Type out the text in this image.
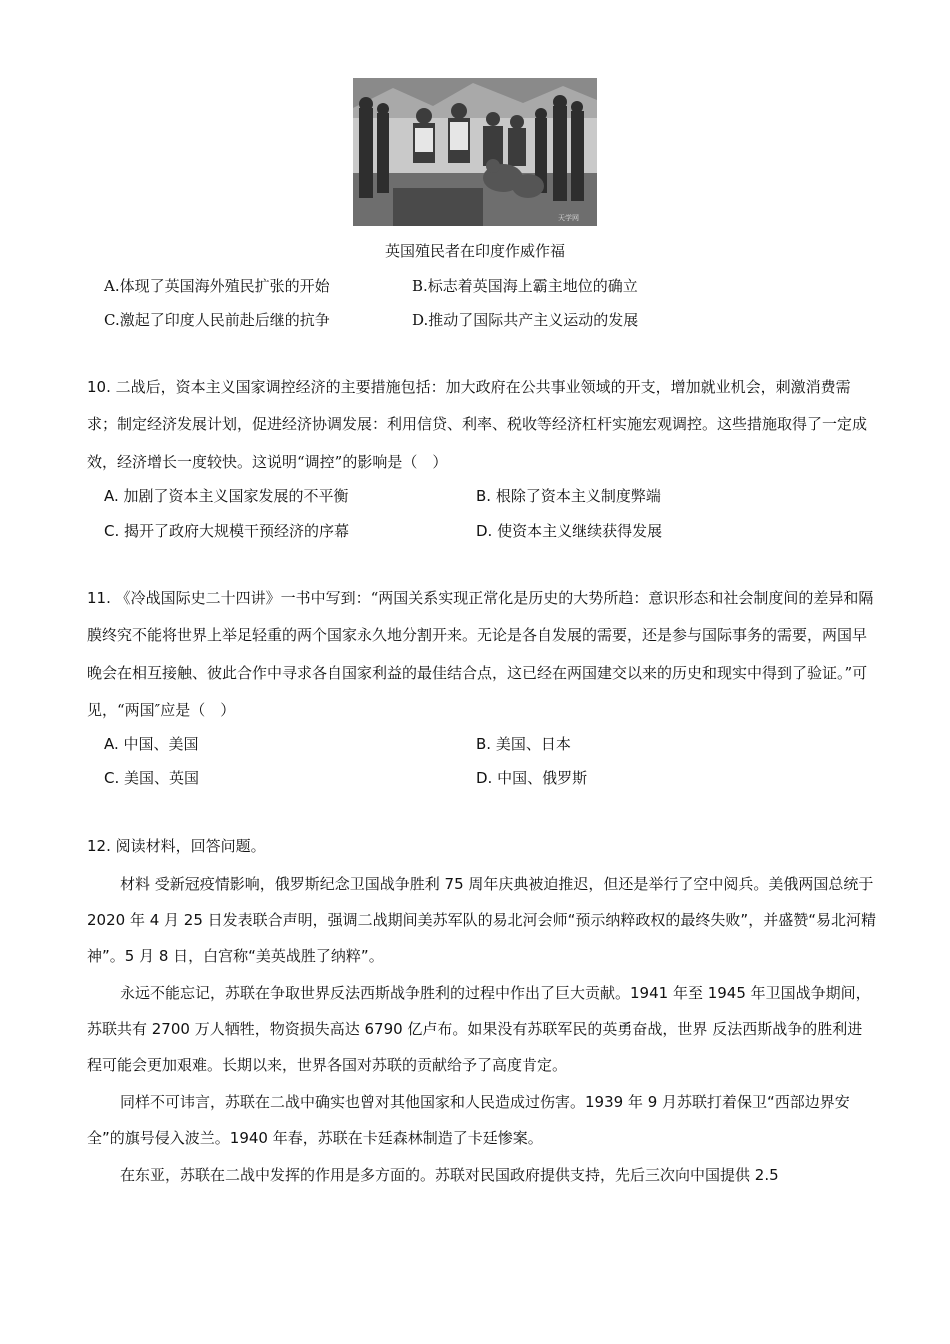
天学网
英国殖民者在印度作威作福
A.体现了英国海外殖民扩张的开始	B.标志着英国海上霸主地位的确立
C.激起了印度人民前赴后继的抗争	D.推动了国际共产主义运动的发展
10. 二战后，资本主义国家调控经济的主要措施包括：加大政府在公共事业领域的开支，增加就业机会，刺激消费需求；制定经济发展计划，促进经济协调发展：利用信贷、利率、税收等经济杠杆实施宏观调控。这些措施取得了一定成效，经济增长一度较快。这说明“调控”的影响是（　）
A. 加剧了资本主义国家发展的不平衡	B. 根除了资本主义制度弊端
C. 揭开了政府大规模干预经济的序幕	D. 使资本主义继续获得发展
11. 《冷战国际史二十四讲》一书中写到：“两国关系实现正常化是历史的大势所趋：意识形态和社会制度间的差异和隔膜终究不能将世界上举足轻重的两个国家永久地分割开来。无论是各自发展的需要，还是参与国际事务的需要，两国早晚会在相互接触、彼此合作中寻求各自国家利益的最佳结合点，这已经在两国建交以来的历史和现实中得到了验证。”可见，“两国″应是（　）
A. 中国、美国	B. 美国、日本
C. 美国、英国	D. 中国、俄罗斯
12. 阅读材料，回答问题。
材料 受新冠疫情影响，俄罗斯纪念卫国战争胜利 75 周年庆典被迫推迟，但还是举行了空中阅兵。美俄两国总统于 2020 年 4 月 25 日发表联合声明，强调二战期间美苏军队的易北河会师“预示纳粹政权的最终失败”，并盛赞“易北河精神”。5 月 8 日，白宫称“美英战胜了纳粹”。
永远不能忘记，苏联在争取世界反法西斯战争胜利的过程中作出了巨大贡献。1941 年至 1945 年卫国战争期间，苏联共有 2700 万人牺牲，物资损失高达 6790 亿卢布。如果没有苏联军民的英勇奋战，世界 反法西斯战争的胜利进程可能会更加艰难。长期以来，世界各国对苏联的贡献给予了高度肯定。
同样不可讳言，苏联在二战中确实也曾对其他国家和人民造成过伤害。1939 年 9 月苏联打着保卫“西部边界安全”的旗号侵入波兰。1940 年春，苏联在卡廷森林制造了卡廷惨案。
在东亚，苏联在二战中发挥的作用是多方面的。苏联对民国政府提供支持，先后三次向中国提供 2.5
